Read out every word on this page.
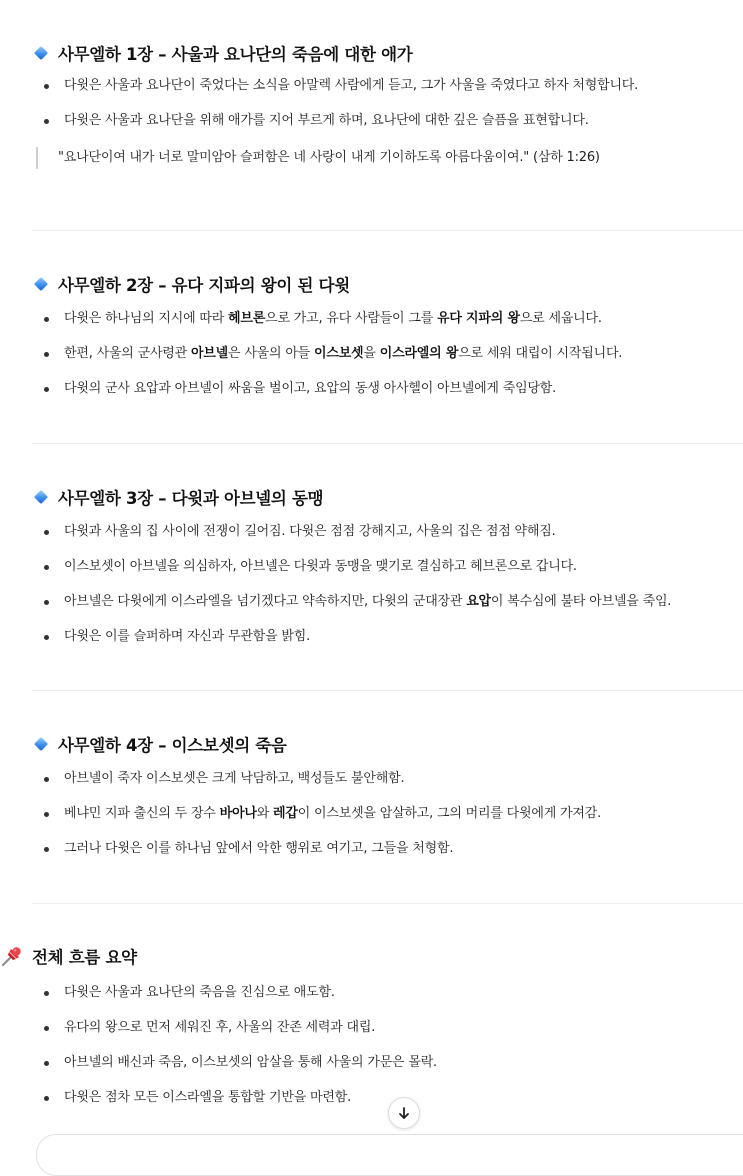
사무엘하 1장 – 사울과 요나단의 죽음에 대한 애가
다윗은 사울과 요나단이 죽었다는 소식을 아말렉 사람에게 듣고, 그가 사울을 죽였다고 하자 처형합니다.
다윗은 사울과 요나단을 위해 애가를 지어 부르게 하며, 요나단에 대한 깊은 슬픔을 표현합니다.
"요나단이여 내가 너로 말미암아 슬퍼함은 네 사랑이 내게 기이하도록 아름다움이여." (삼하 1:26)
사무엘하 2장 – 유다 지파의 왕이 된 다윗
다윗은 하나님의 지시에 따라 헤브론으로 가고, 유다 사람들이 그를 유다 지파의 왕으로 세웁니다.
한편, 사울의 군사령관 아브넬은 사울의 아들 이스보셋을 이스라엘의 왕으로 세워 대립이 시작됩니다.
다윗의 군사 요압과 아브넬이 싸움을 벌이고, 요압의 동생 아사헬이 아브넬에게 죽임당함.
사무엘하 3장 – 다윗과 아브넬의 동맹
다윗과 사울의 집 사이에 전쟁이 길어짐. 다윗은 점점 강해지고, 사울의 집은 점점 약해짐.
이스보셋이 아브넬을 의심하자, 아브넬은 다윗과 동맹을 맺기로 결심하고 헤브론으로 갑니다.
아브넬은 다윗에게 이스라엘을 넘기겠다고 약속하지만, 다윗의 군대장관 요압이 복수심에 불타 아브넬을 죽임.
다윗은 이를 슬퍼하며 자신과 무관함을 밝힘.
사무엘하 4장 – 이스보셋의 죽음
아브넬이 죽자 이스보셋은 크게 낙담하고, 백성들도 불안해함.
베냐민 지파 출신의 두 장수 바아나와 레갑이 이스보셋을 암살하고, 그의 머리를 다윗에게 가져감.
그러나 다윗은 이를 하나님 앞에서 악한 행위로 여기고, 그들을 처형함.
전체 흐름 요약
다윗은 사울과 요나단의 죽음을 진심으로 애도함.
유다의 왕으로 먼저 세워진 후, 사울의 잔존 세력과 대립.
아브넬의 배신과 죽음, 이스보셋의 암살을 통해 사울의 가문은 몰락.
다윗은 점차 모든 이스라엘을 통합할 기반을 마련함.
